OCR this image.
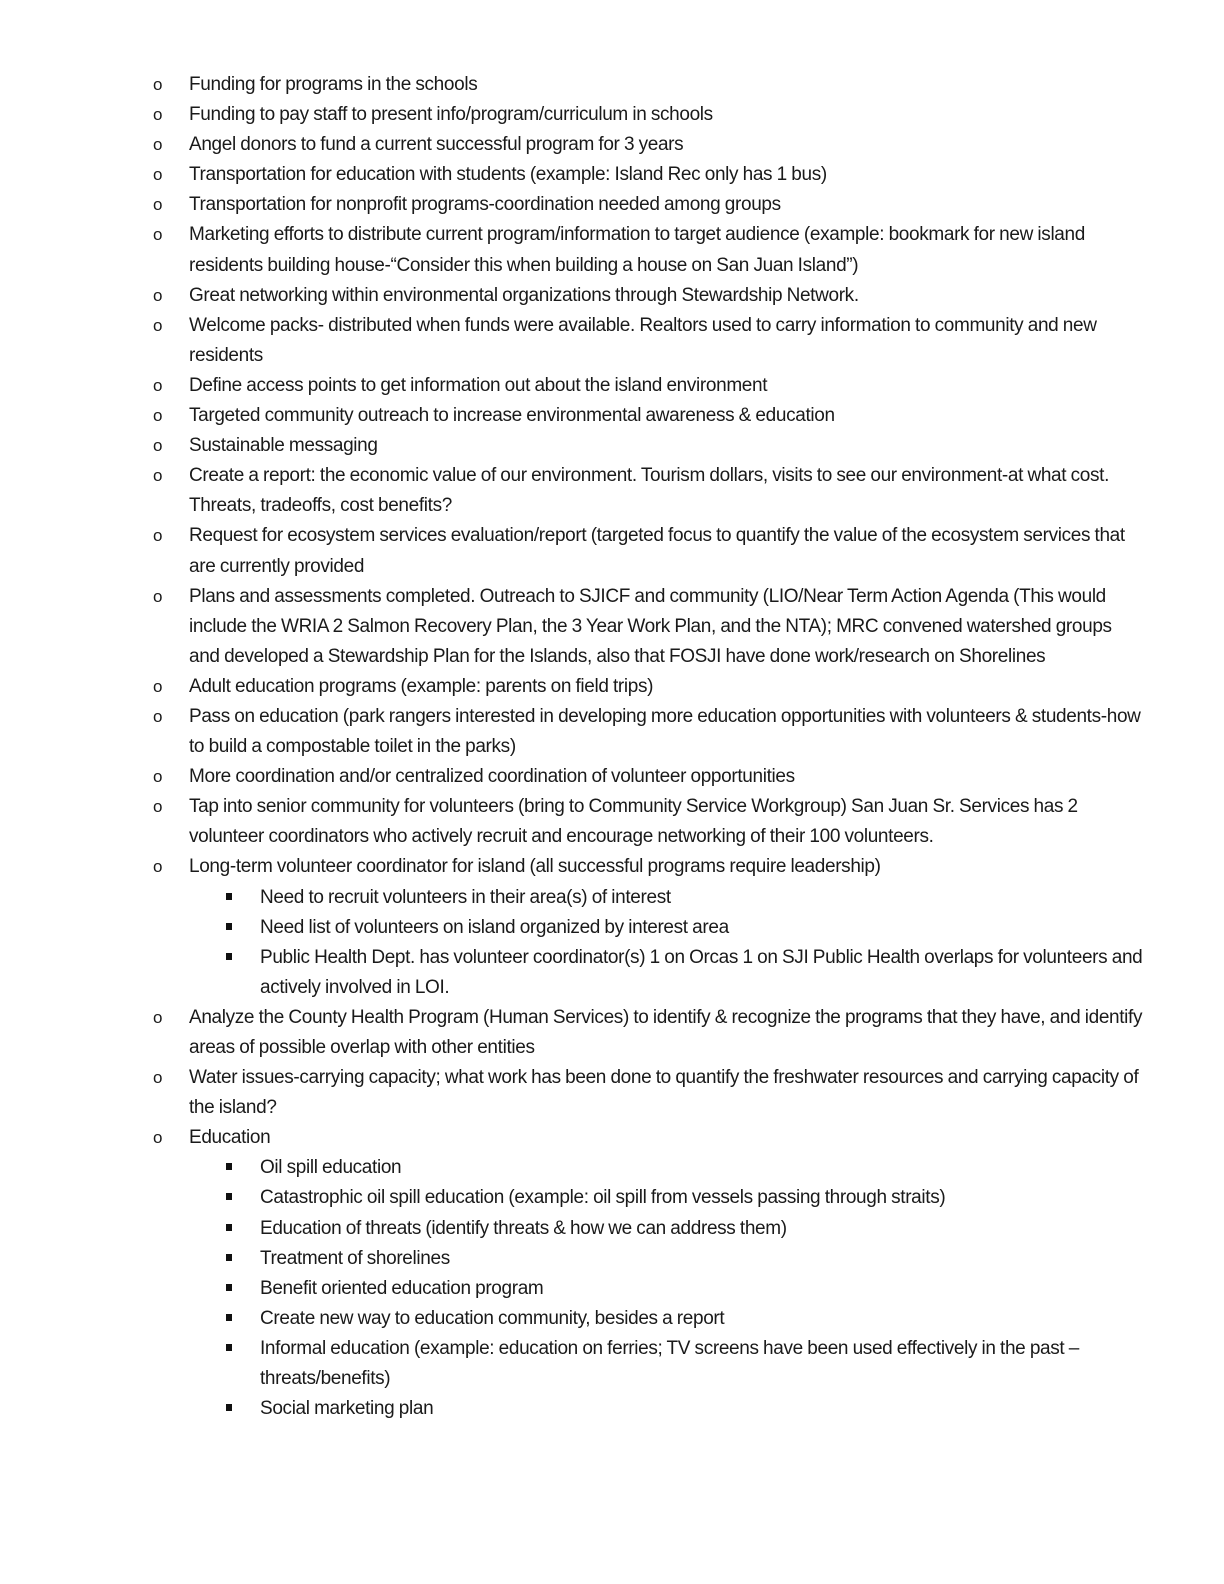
o Funding for programs in the schools
o Funding to pay staff to present info/program/curriculum in schools
o Angel donors to fund a current successful program for 3 years
o Transportation for education with students (example: Island Rec only has 1 bus)
o Transportation for nonprofit programs-coordination needed among groups
o Marketing efforts to distribute current program/information to target audience (example: bookmark for new island residents building house-“Consider this when building a house on San Juan Island”)
o Great networking within environmental organizations through Stewardship Network.
o Welcome packs- distributed when funds were available. Realtors used to carry information to community and new residents
o Define access points to get information out about the island environment
o Targeted community outreach to increase environmental awareness & education
o Sustainable messaging
o Create a report: the economic value of our environment. Tourism dollars, visits to see our environment-at what cost. Threats, tradeoffs, cost benefits?
o Request for ecosystem services evaluation/report (targeted focus to quantify the value of the ecosystem services that are currently provided
o Plans and assessments completed. Outreach to SJICF and community (LIO/Near Term Action Agenda (This would include the WRIA 2 Salmon Recovery Plan, the 3 Year Work Plan, and the NTA); MRC convened watershed groups and developed a Stewardship Plan for the Islands, also that FOSJI have done work/research on Shorelines
o Adult education programs (example: parents on field trips)
o Pass on education (park rangers interested in developing more education opportunities with volunteers & students-how to build a compostable toilet in the parks)
o More coordination and/or centralized coordination of volunteer opportunities
o Tap into senior community for volunteers (bring to Community Service Workgroup) San Juan Sr. Services has 2 volunteer coordinators who actively recruit and encourage networking of their 100 volunteers.
o Long-term volunteer coordinator for island (all successful programs require leadership)
Need to recruit volunteers in their area(s) of interest
Need list of volunteers on island organized by interest area
Public Health Dept. has volunteer coordinator(s) 1 on Orcas 1 on SJI Public Health overlaps for volunteers and actively involved in LOI.
o Analyze the County Health Program (Human Services) to identify & recognize the programs that they have, and identify areas of possible overlap with other entities
o Water issues-carrying capacity; what work has been done to quantify the freshwater resources and carrying capacity of the island?
o Education
Oil spill education
Catastrophic oil spill education (example: oil spill from vessels passing through straits)
Education of threats (identify threats & how we can address them)
Treatment of shorelines
Benefit oriented education program
Create new way to education community, besides a report
Informal education (example: education on ferries; TV screens have been used effectively in the past – threats/benefits)
Social marketing plan
